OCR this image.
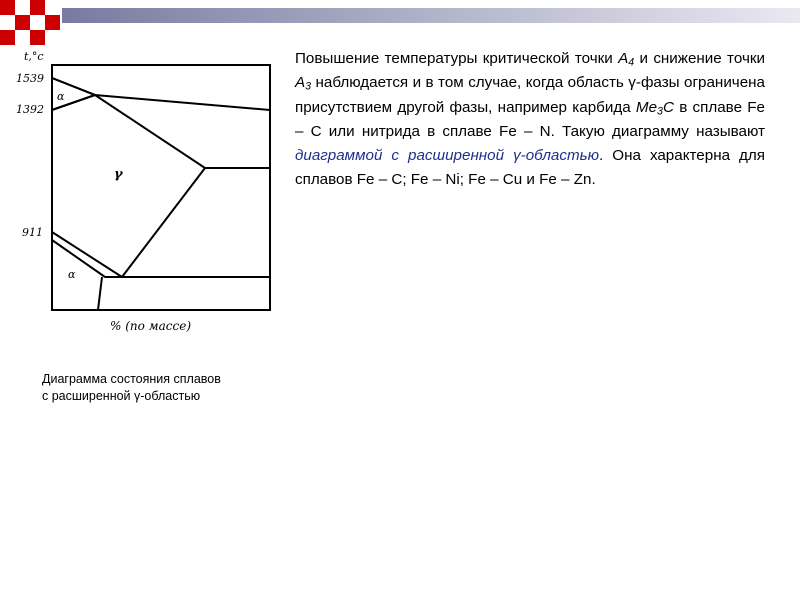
t,°c
1539
1392
911
α
γ
α
% (по массе)

Повышение температуры критической точки $А_4$ и снижение точки $А_3$ наблюдается и в том случае, когда область γ-фазы ограничена присутствием другой фазы, например карбида $Me_3C$ в сплаве Fe – C или нитрида в сплаве Fe – N. Такую диаграмму называют диаграммой с расширенной γ-областью. Она характерна для сплавов Fe – C; Fe – Ni; Fe – Cu и Fe – Zn.

Диаграмма состояния сплавов
с расширенной γ-областью
